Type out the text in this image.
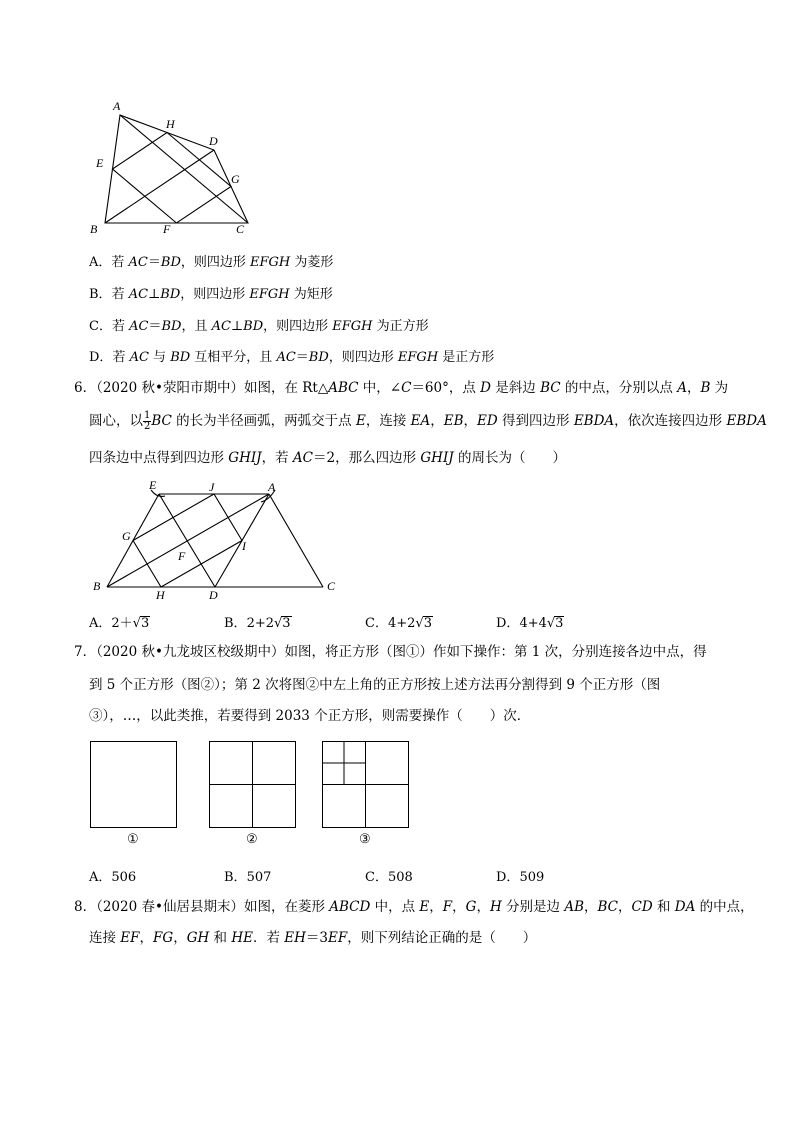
A
H
D
E
G
B	F	C
A．若 AC＝BD，则四边形 EFGH 为菱形
B．若 AC⊥BD，则四边形 EFGH 为矩形
C．若 AC＝BD，且 AC⊥BD，则四边形 EFGH 为正方形
D．若 AC 与 BD 互相平分，且 AC＝BD，则四边形 EFGH 是正方形
6．（2020 秋•荥阳市期中）如图，在 Rt△ABC 中，∠C＝60°，点 D 是斜边 BC 的中点，分别以点 A，B 为
圆心，以 $\frac{1}{2}$ BC 的长为半径画弧，两弧交于点 E，连接 EA，EB，ED 得到四边形 EBDA，依次连接四边形 EBDA
四条边中点得到四边形 GHIJ，若 AC＝2，那么四边形 GHIJ 的周长为（　　）
E	J	A
G
I
F
B
H	D
C
A．2＋√3	B．2+2√3	C．4+2√3	D．4+4√3
7．（2020 秋•九龙坡区校级期中）如图，将正方形（图①）作如下操作：第 1 次，分别连接各边中点，得
到 5 个正方形（图②）；第 2 次将图②中左上角的正方形按上述方法再分割得到 9 个正方形（图
③），…，以此类推，若要得到 2033 个正方形，则需要操作（　　）次．
①	②	③
A．506	B．507	C．508	D．509
8．（2020 春•仙居县期末）如图，在菱形 ABCD 中，点 E，F，G，H 分别是边 AB，BC，CD 和 DA 的中点，
连接 EF，FG，GH 和 HE．若 EH＝3EF，则下列结论正确的是（　　）
